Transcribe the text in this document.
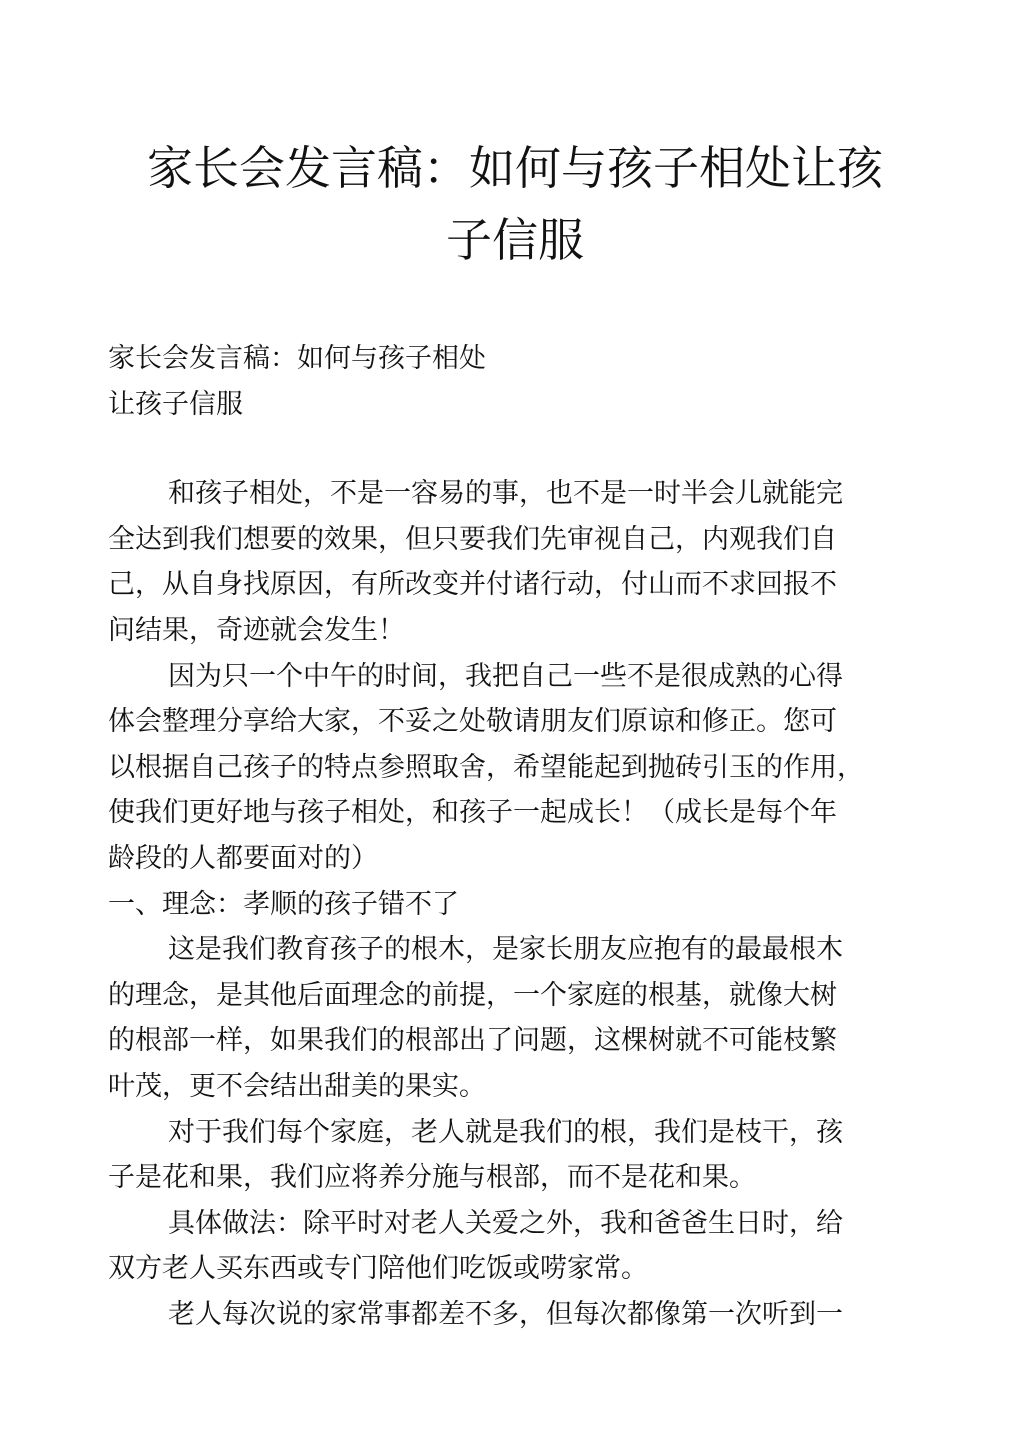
家长会发言稿：如何与孩子相处让孩
子信服

家长会发言稿：如何与孩子相处

让孩子信服

和孩子相处，不是一容易的事，也不是一时半会儿就能完

全达到我们想要的效果，但只要我们先审视自己，内观我们自

己，从自身找原因，有所改变并付诸行动，付山而不求回报不

问结果，奇迹就会发生！

因为只一个中午的时间，我把自己一些不是很成熟的心得

体会整理分享给大家，不妥之处敬请朋友们原谅和修正。您可

以根据自己孩子的特点参照取舍，希望能起到抛砖引玉的作用，

使我们更好地与孩子相处，和孩子一起成长！（成长是每个年

龄段的人都要面对的）

一、理念：孝顺的孩子错不了

这是我们教育孩子的根木，是家长朋友应抱有的最最根木

的理念，是其他后面理念的前提，一个家庭的根基，就像大树

的根部一样，如果我们的根部出了问题，这棵树就不可能枝繁

叶茂，更不会结出甜美的果实。

对于我们每个家庭，老人就是我们的根，我们是枝干，孩

子是花和果，我们应将养分施与根部，而不是花和果。

具体做法：除平时对老人关爱之外，我和爸爸生日时，给

双方老人买东西或专门陪他们吃饭或唠家常。

老人每次说的家常事都差不多，但每次都像第一次听到一
